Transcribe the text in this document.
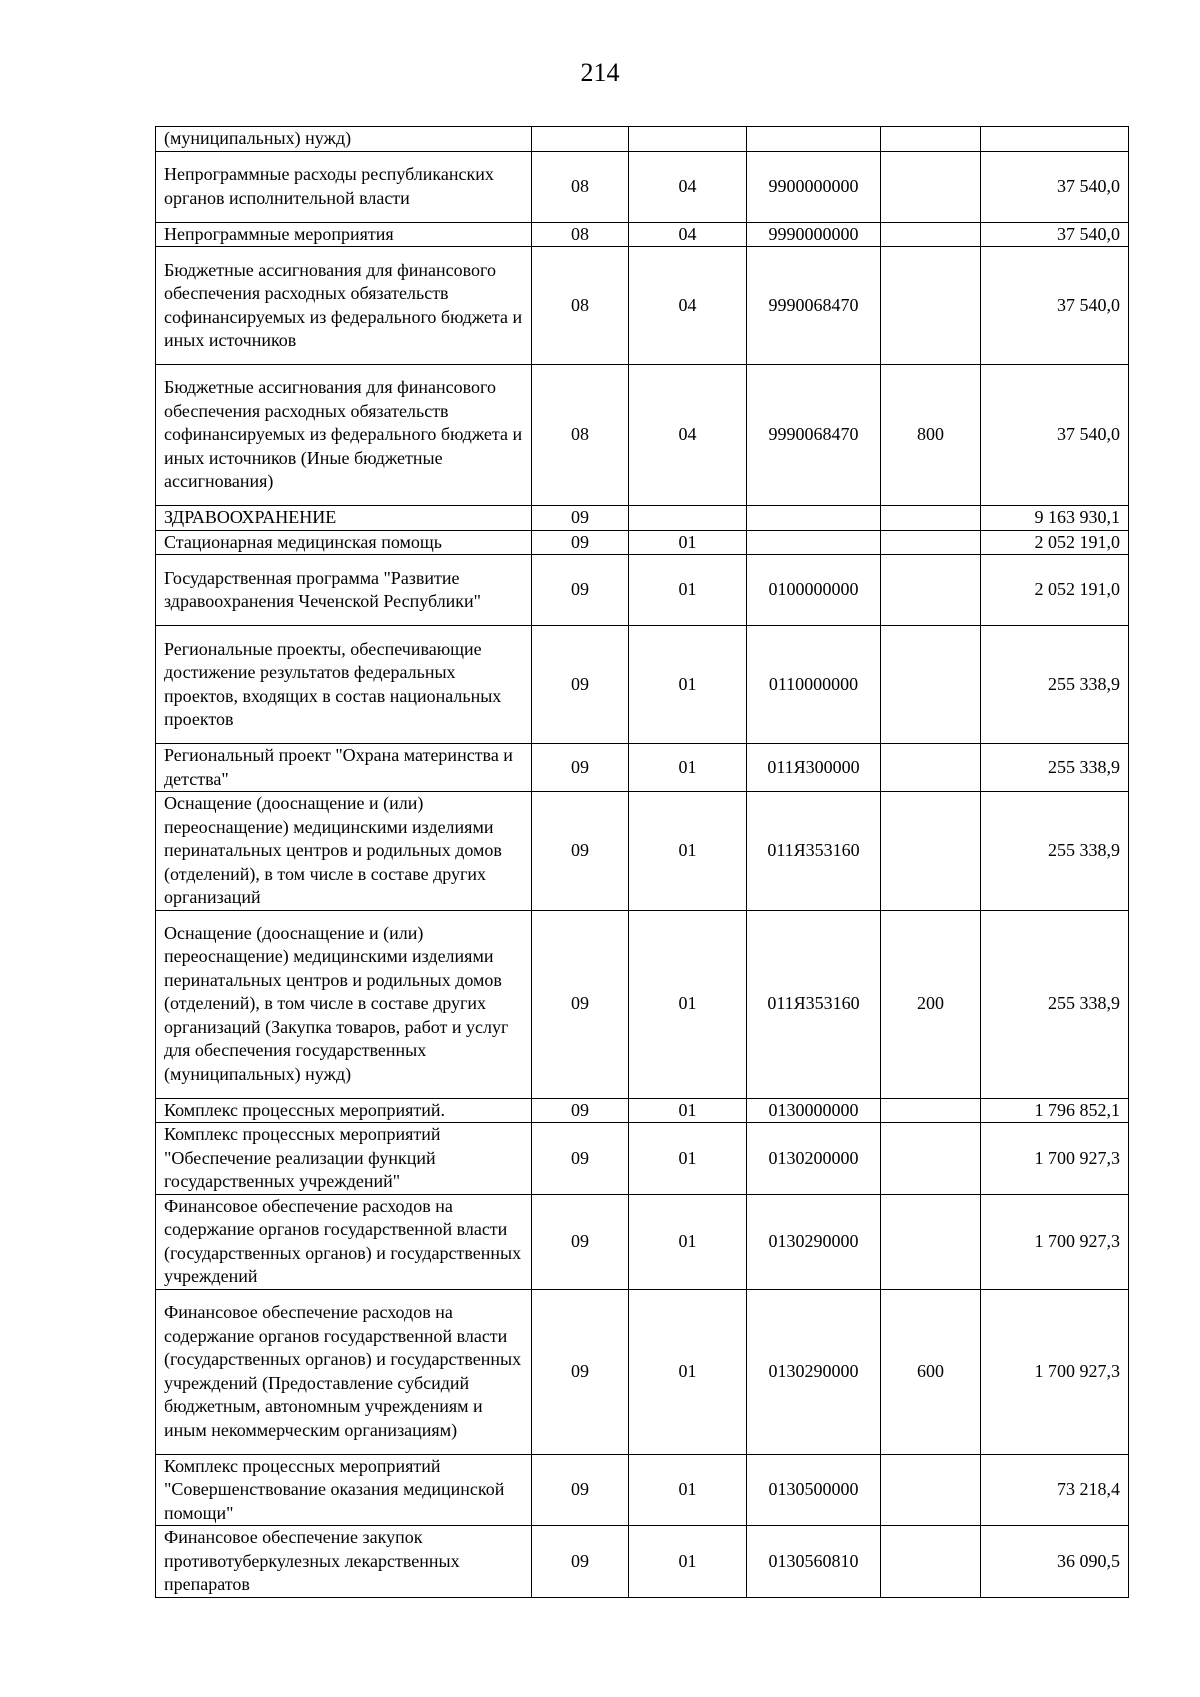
214
(муниципальных) нужд)					
Непрограммные расходы республиканских органов исполнительной власти	08	04	9900000000		37 540,0
Непрограммные мероприятия	08	04	9990000000		37 540,0
Бюджетные ассигнования для финансового обеспечения расходных обязательств софинансируемых из федерального бюджета и иных источников	08	04	9990068470		37 540,0
Бюджетные ассигнования для финансового обеспечения расходных обязательств софинансируемых из федерального бюджета и иных источников (Иные бюджетные ассигнования)	08	04	9990068470	800	37 540,0
ЗДРАВООХРАНЕНИЕ	09				9 163 930,1
Стационарная медицинская помощь	09	01			2 052 191,0
Государственная программа "Развитие здравоохранения Чеченской Республики"	09	01	0100000000		2 052 191,0
Региональные проекты, обеспечивающие достижение результатов федеральных проектов, входящих в состав национальных проектов	09	01	0110000000		255 338,9
Региональный проект "Охрана материнства и детства"	09	01	011Я300000		255 338,9
Оснащение (дооснащение и (или) переоснащение) медицинскими изделиями перинатальных центров и родильных домов (отделений), в том числе в составе других организаций	09	01	011Я353160		255 338,9
Оснащение (дооснащение и (или) переоснащение) медицинскими изделиями перинатальных центров и родильных домов (отделений), в том числе в составе других организаций (Закупка товаров, работ и услуг для обеспечения государственных (муниципальных) нужд)	09	01	011Я353160	200	255 338,9
Комплекс процессных мероприятий.	09	01	0130000000		1 796 852,1
Комплекс процессных мероприятий "Обеспечение реализации функций государственных учреждений"	09	01	0130200000		1 700 927,3
Финансовое обеспечение расходов на содержание органов государственной власти (государственных органов) и государственных учреждений	09	01	0130290000		1 700 927,3
Финансовое обеспечение расходов на содержание органов государственной власти (государственных органов) и государственных учреждений (Предоставление субсидий бюджетным, автономным учреждениям и иным некоммерческим организациям)	09	01	0130290000	600	1 700 927,3
Комплекс процессных мероприятий "Совершенствование оказания медицинской помощи"	09	01	0130500000		73 218,4
Финансовое обеспечение закупок противотуберкулезных лекарственных препаратов	09	01	0130560810		36 090,5
